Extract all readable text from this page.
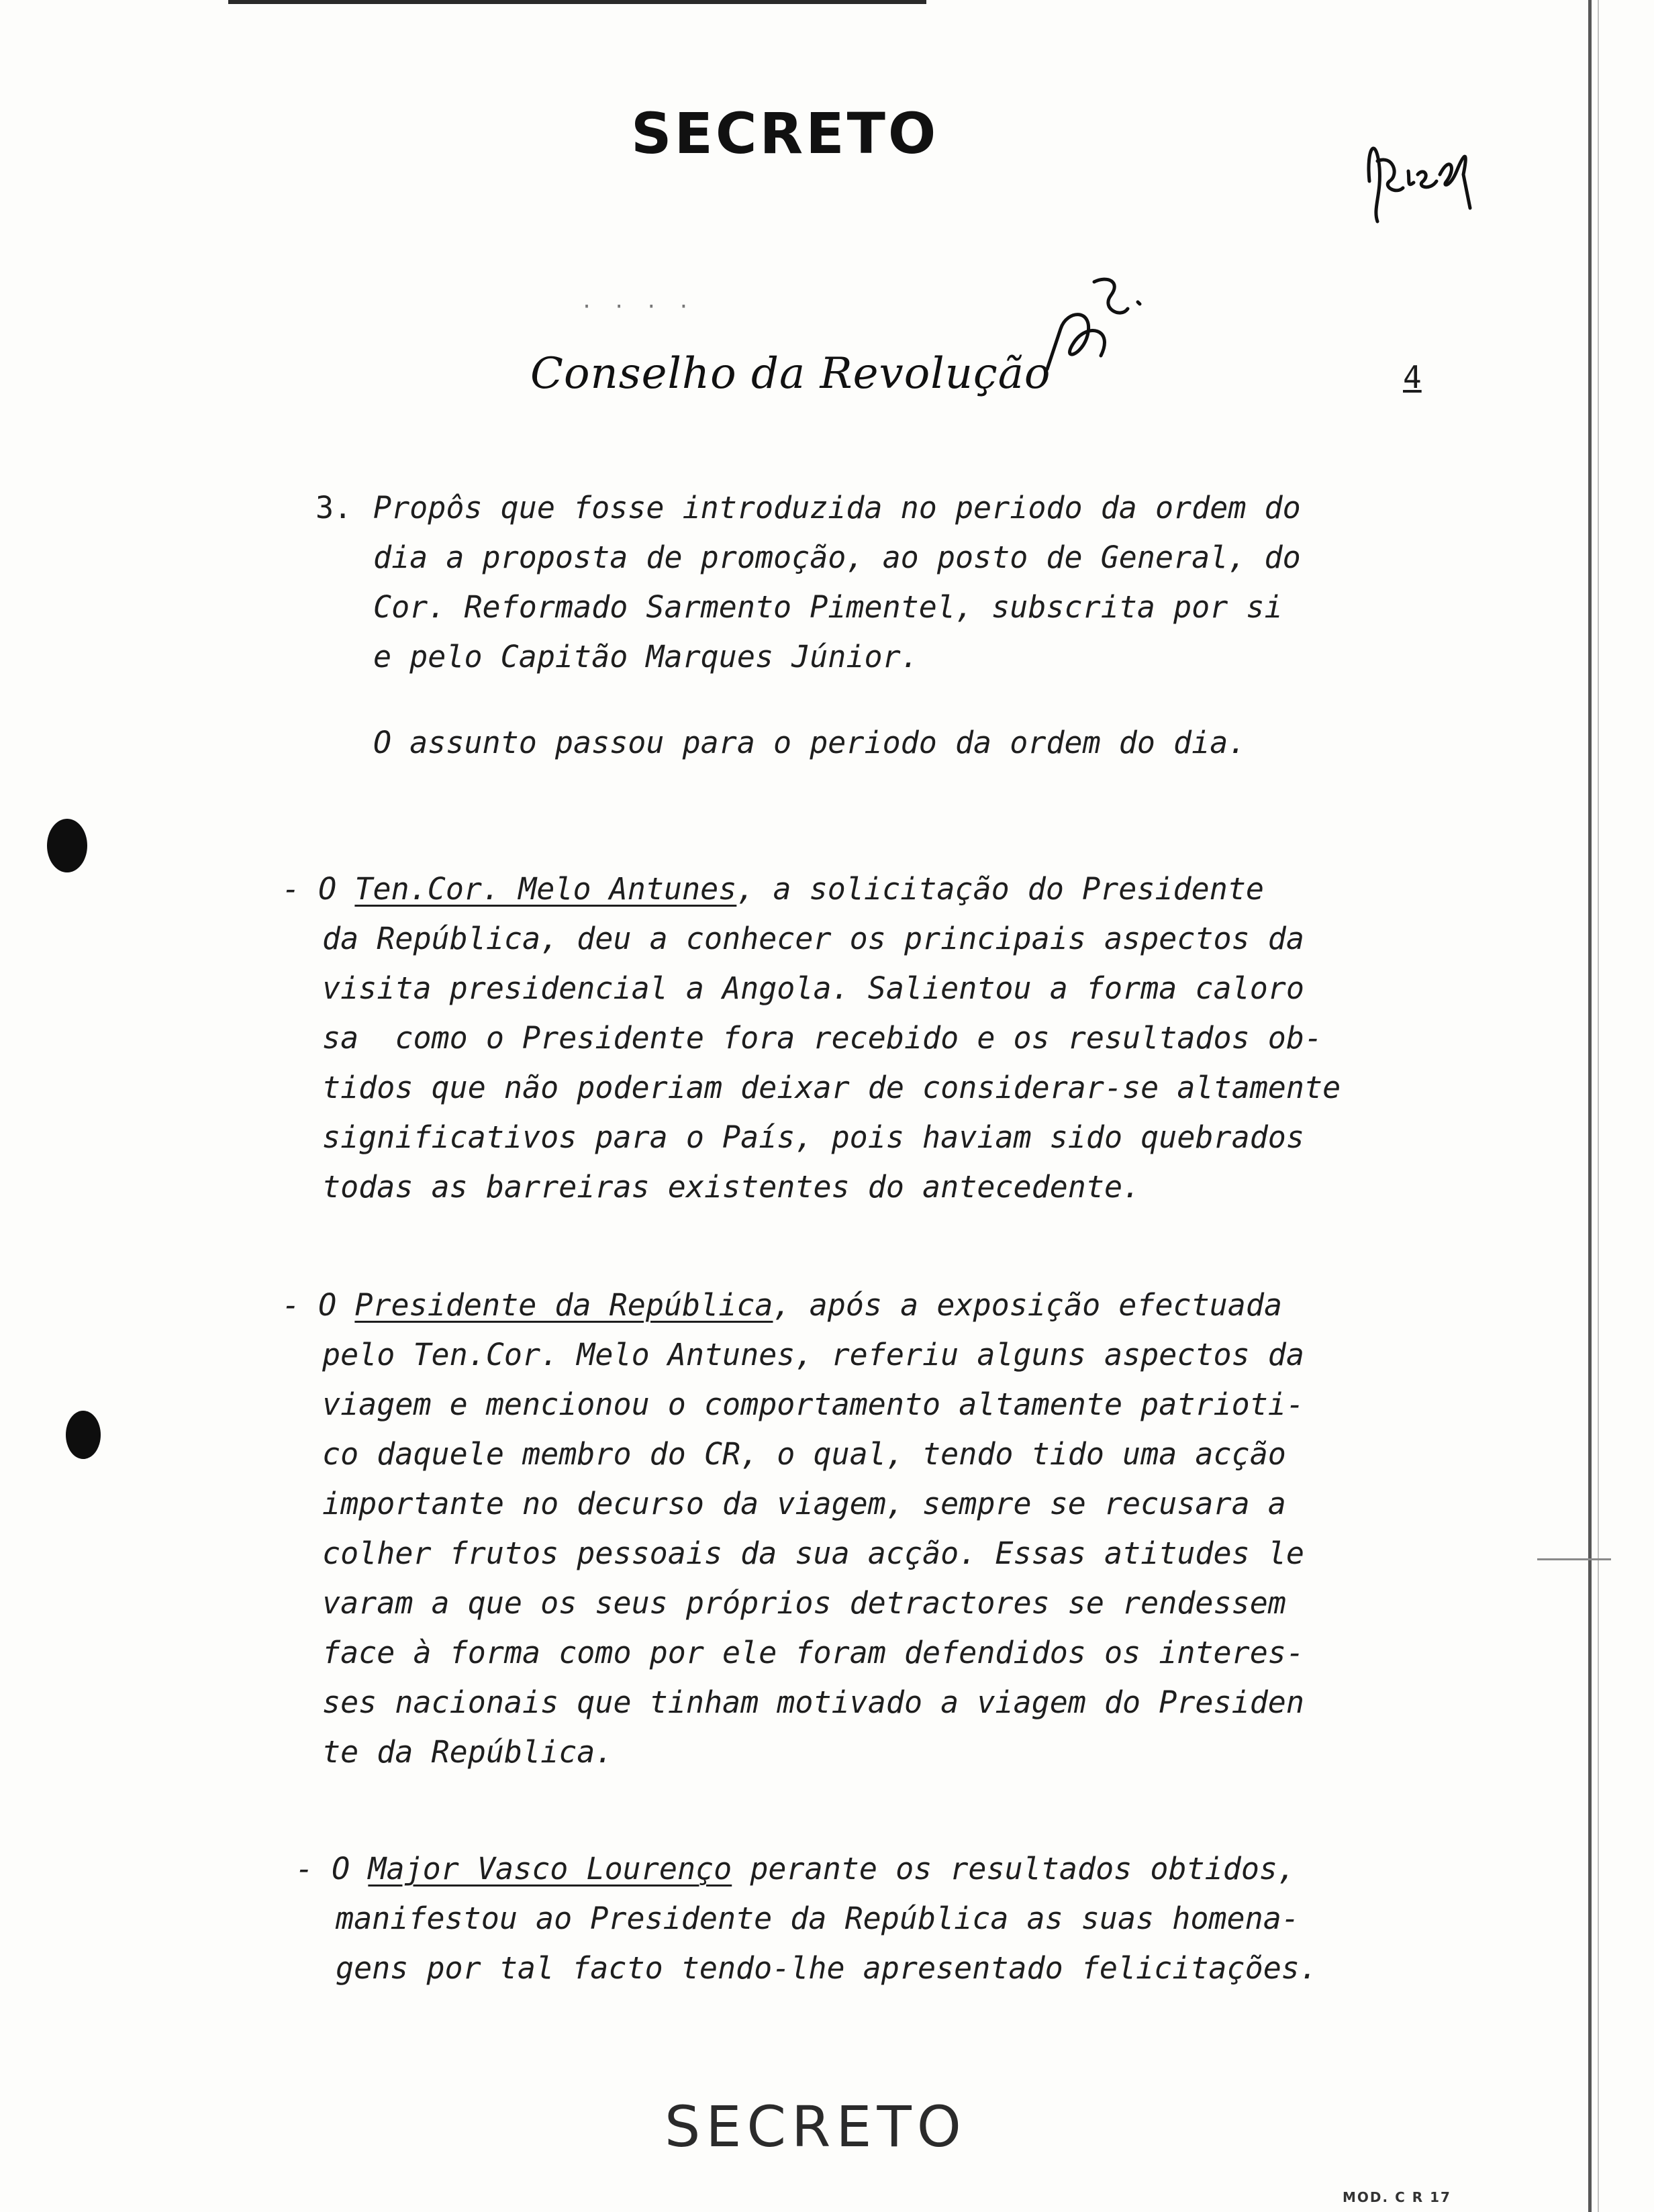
SECRETO
· · · ·
Conselho da Revolução	4
3. Propôs que fosse introduzida no periodo da ordem do
dia a proposta de promoção, ao posto de General, do
Cor. Reformado Sarmento Pimentel, subscrita por si
e pelo Capitão Marques Júnior.
O assunto passou para o periodo da ordem do dia.
- O Ten.Cor. Melo Antunes, a solicitação do Presidente
da República, deu a conhecer os principais aspectos da
visita presidencial a Angola. Salientou a forma caloro
sa  como o Presidente fora recebido e os resultados ob-
tidos que não poderiam deixar de considerar-se altamente
significativos para o País, pois haviam sido quebrados
todas as barreiras existentes do antecedente.
- O Presidente da República, após a exposição efectuada
pelo Ten.Cor. Melo Antunes, referiu alguns aspectos da
viagem e mencionou o comportamento altamente patrioti-
co daquele membro do CR, o qual, tendo tido uma acção
importante no decurso da viagem, sempre se recusara a
colher frutos pessoais da sua acção. Essas atitudes le
varam a que os seus próprios detractores se rendessem
face à forma como por ele foram defendidos os interes-
ses nacionais que tinham motivado a viagem do Presiden
te da República.
- O Major Vasco Lourenço perante os resultados obtidos,
manifestou ao Presidente da República as suas homena-
gens por tal facto tendo-lhe apresentado felicitações.
SECRETO
MOD. C R 17
